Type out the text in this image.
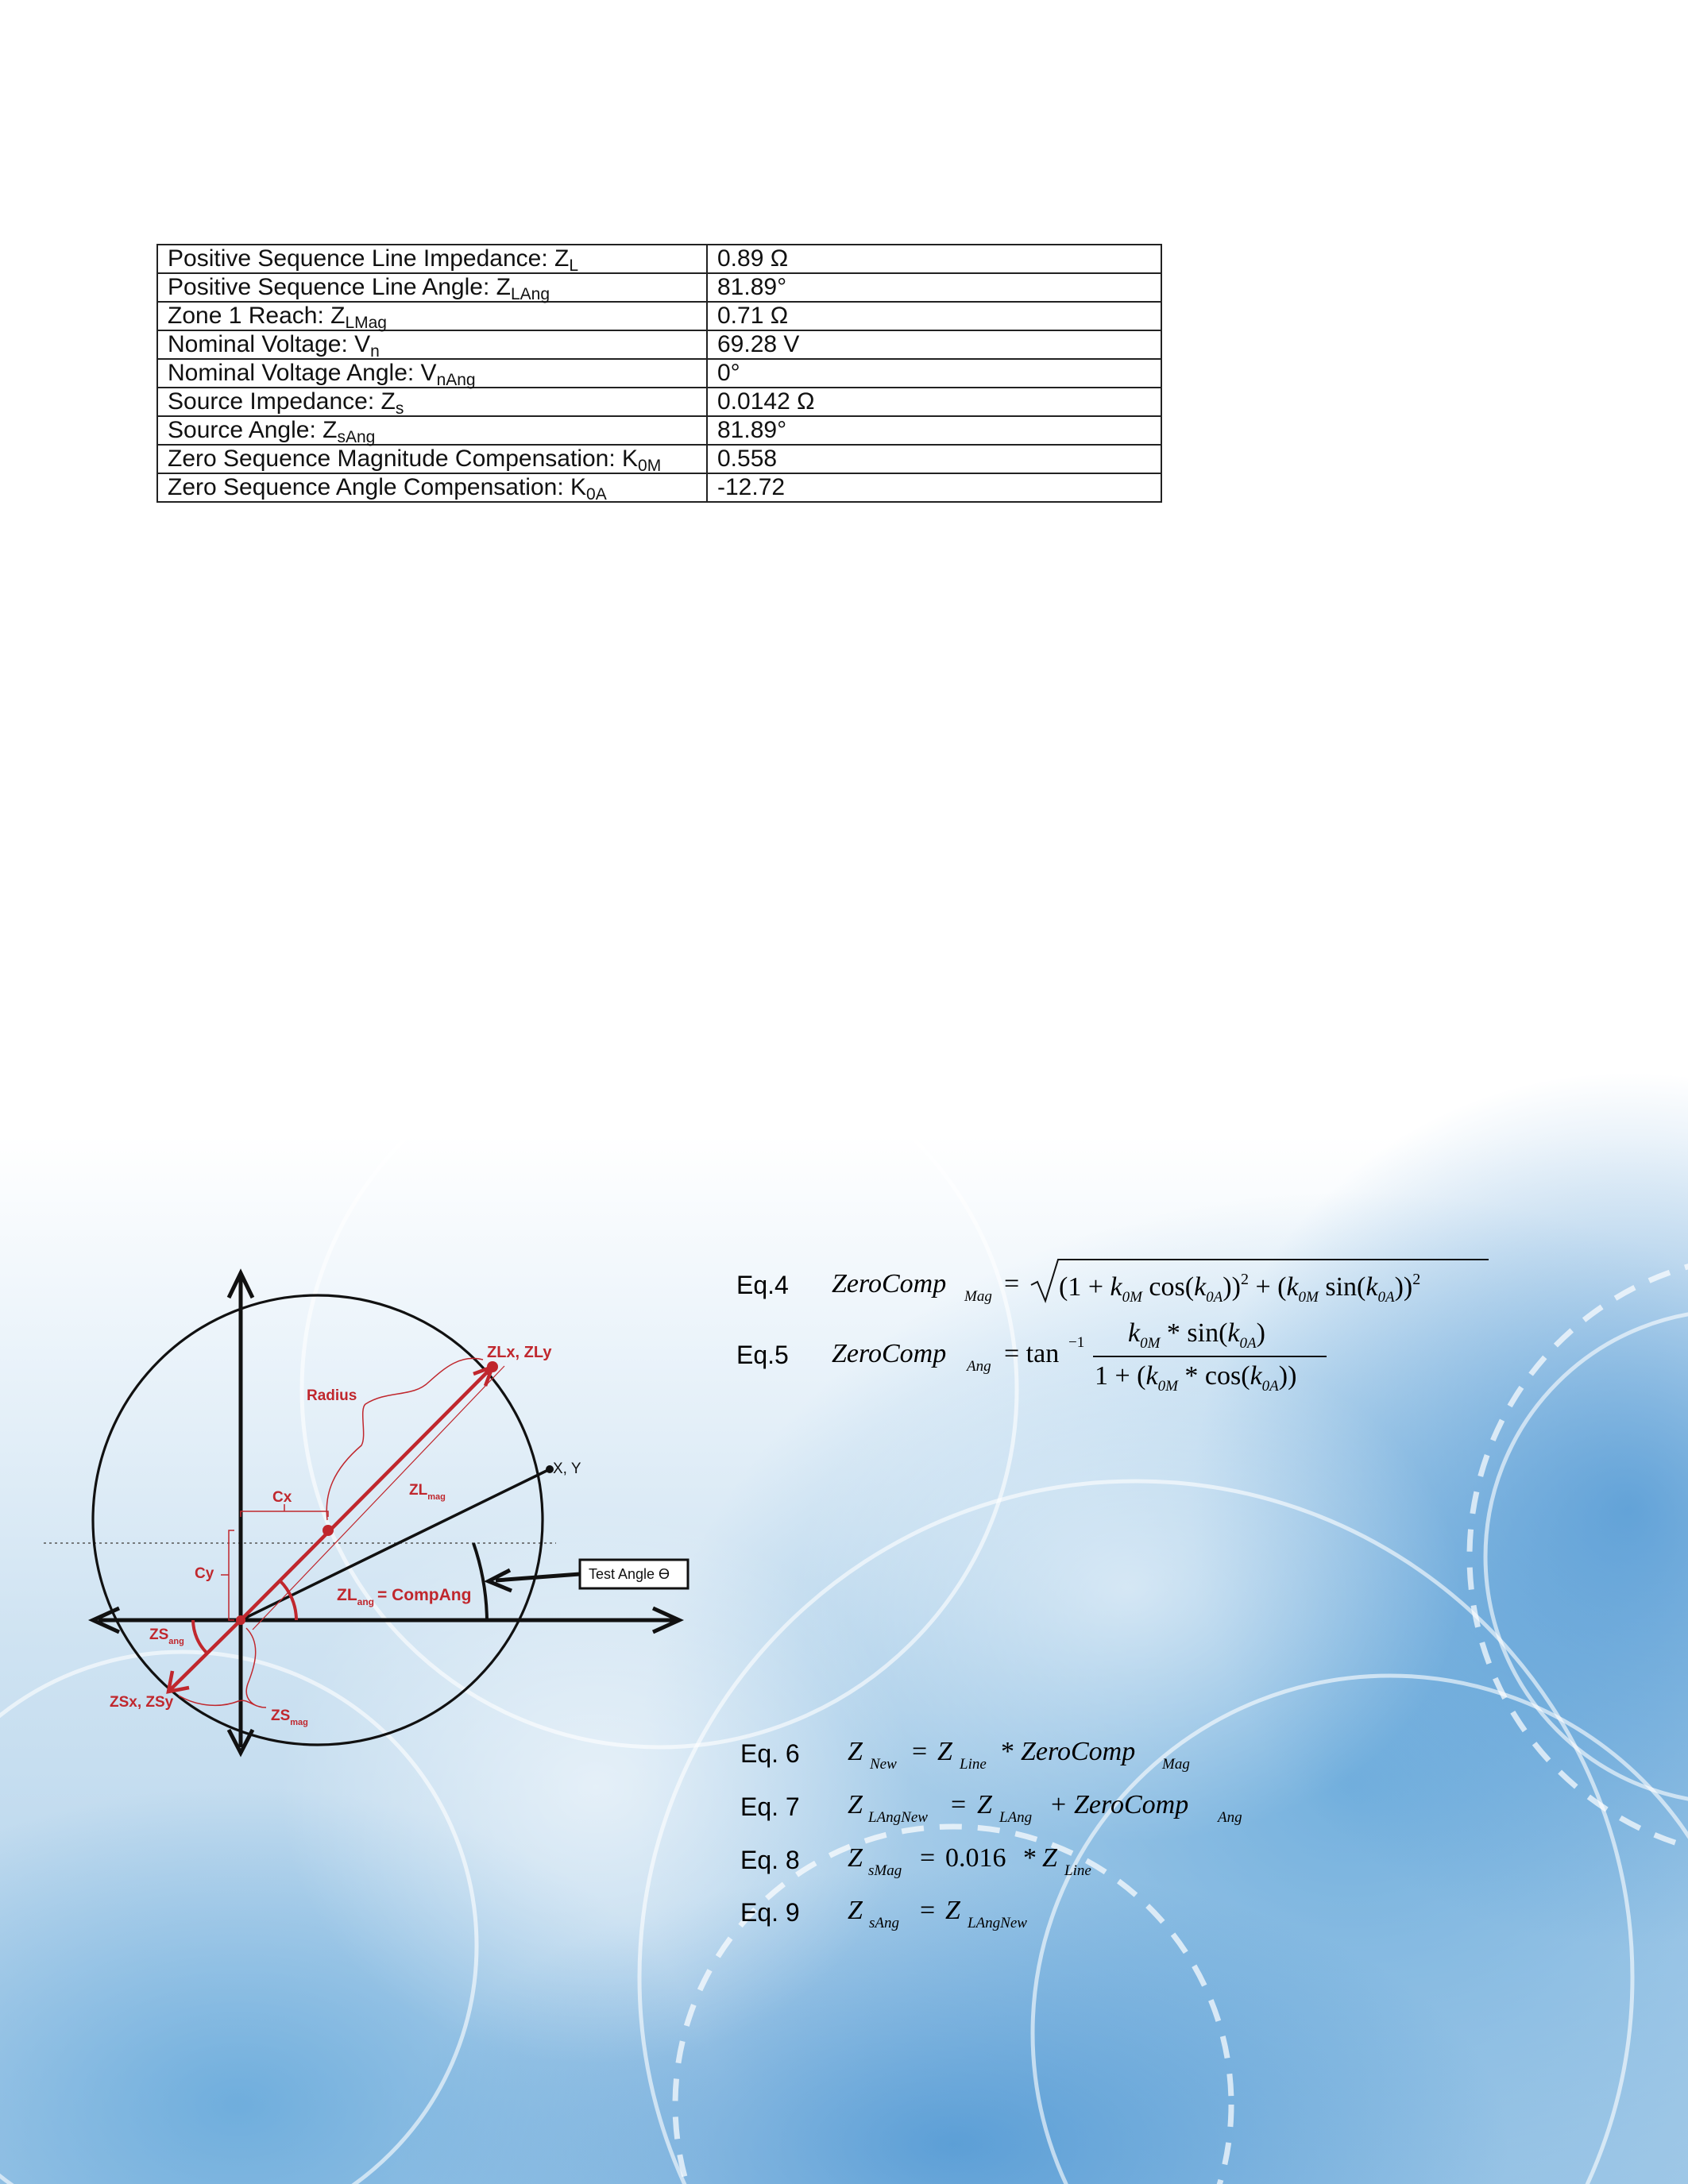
Positive Sequence Line Impedance: $Z_L$	0.89 Ω
Positive Sequence Line Angle: $Z_{LAng}$	81.89°
Zone 1 Reach: $Z_{LMag}$	0.71 Ω
Nominal Voltage: $V_n$	69.28 V
Nominal Voltage Angle: $V_{nAng}$	0°
Source Impedance: $Z_s$	0.0142 Ω
Source Angle: $Z_{sAng}$	81.89°
Zero Sequence Magnitude Compensation: $K_{0M}$	0.558
Zero Sequence Angle Compensation: $K_{0A}$	-12.72
ZLx, ZLy
X, Y
Radius
Cx
Cy
$ZL_{mag}$
$ZL_{ang}$ = CompAng
Test Angle ϴ
$ZS_{ang}$
ZSx, ZSy
$ZS_{mag}$
Eq.4 ZeroComp Mag = ($1 + k_{0M}$ $\cos(k_{0A}))^2 + (k_{0M}$ $\sin(k_{0A}))^2$
Eq.5 ZeroComp Ang = tan −1 $k_{0M} * \sin(k_{0A})$
$1 + (k_{0M} * \cos(k_{0A}))$
Eq. 6 Z New = Z Line * ZeroComp Mag
Eq. 7 Z LAngNew = Z LAng + ZeroComp Ang
Eq. 8 Z sMag = 0.016 * Z Line
Eq. 9 Z sAng = Z LAngNew
